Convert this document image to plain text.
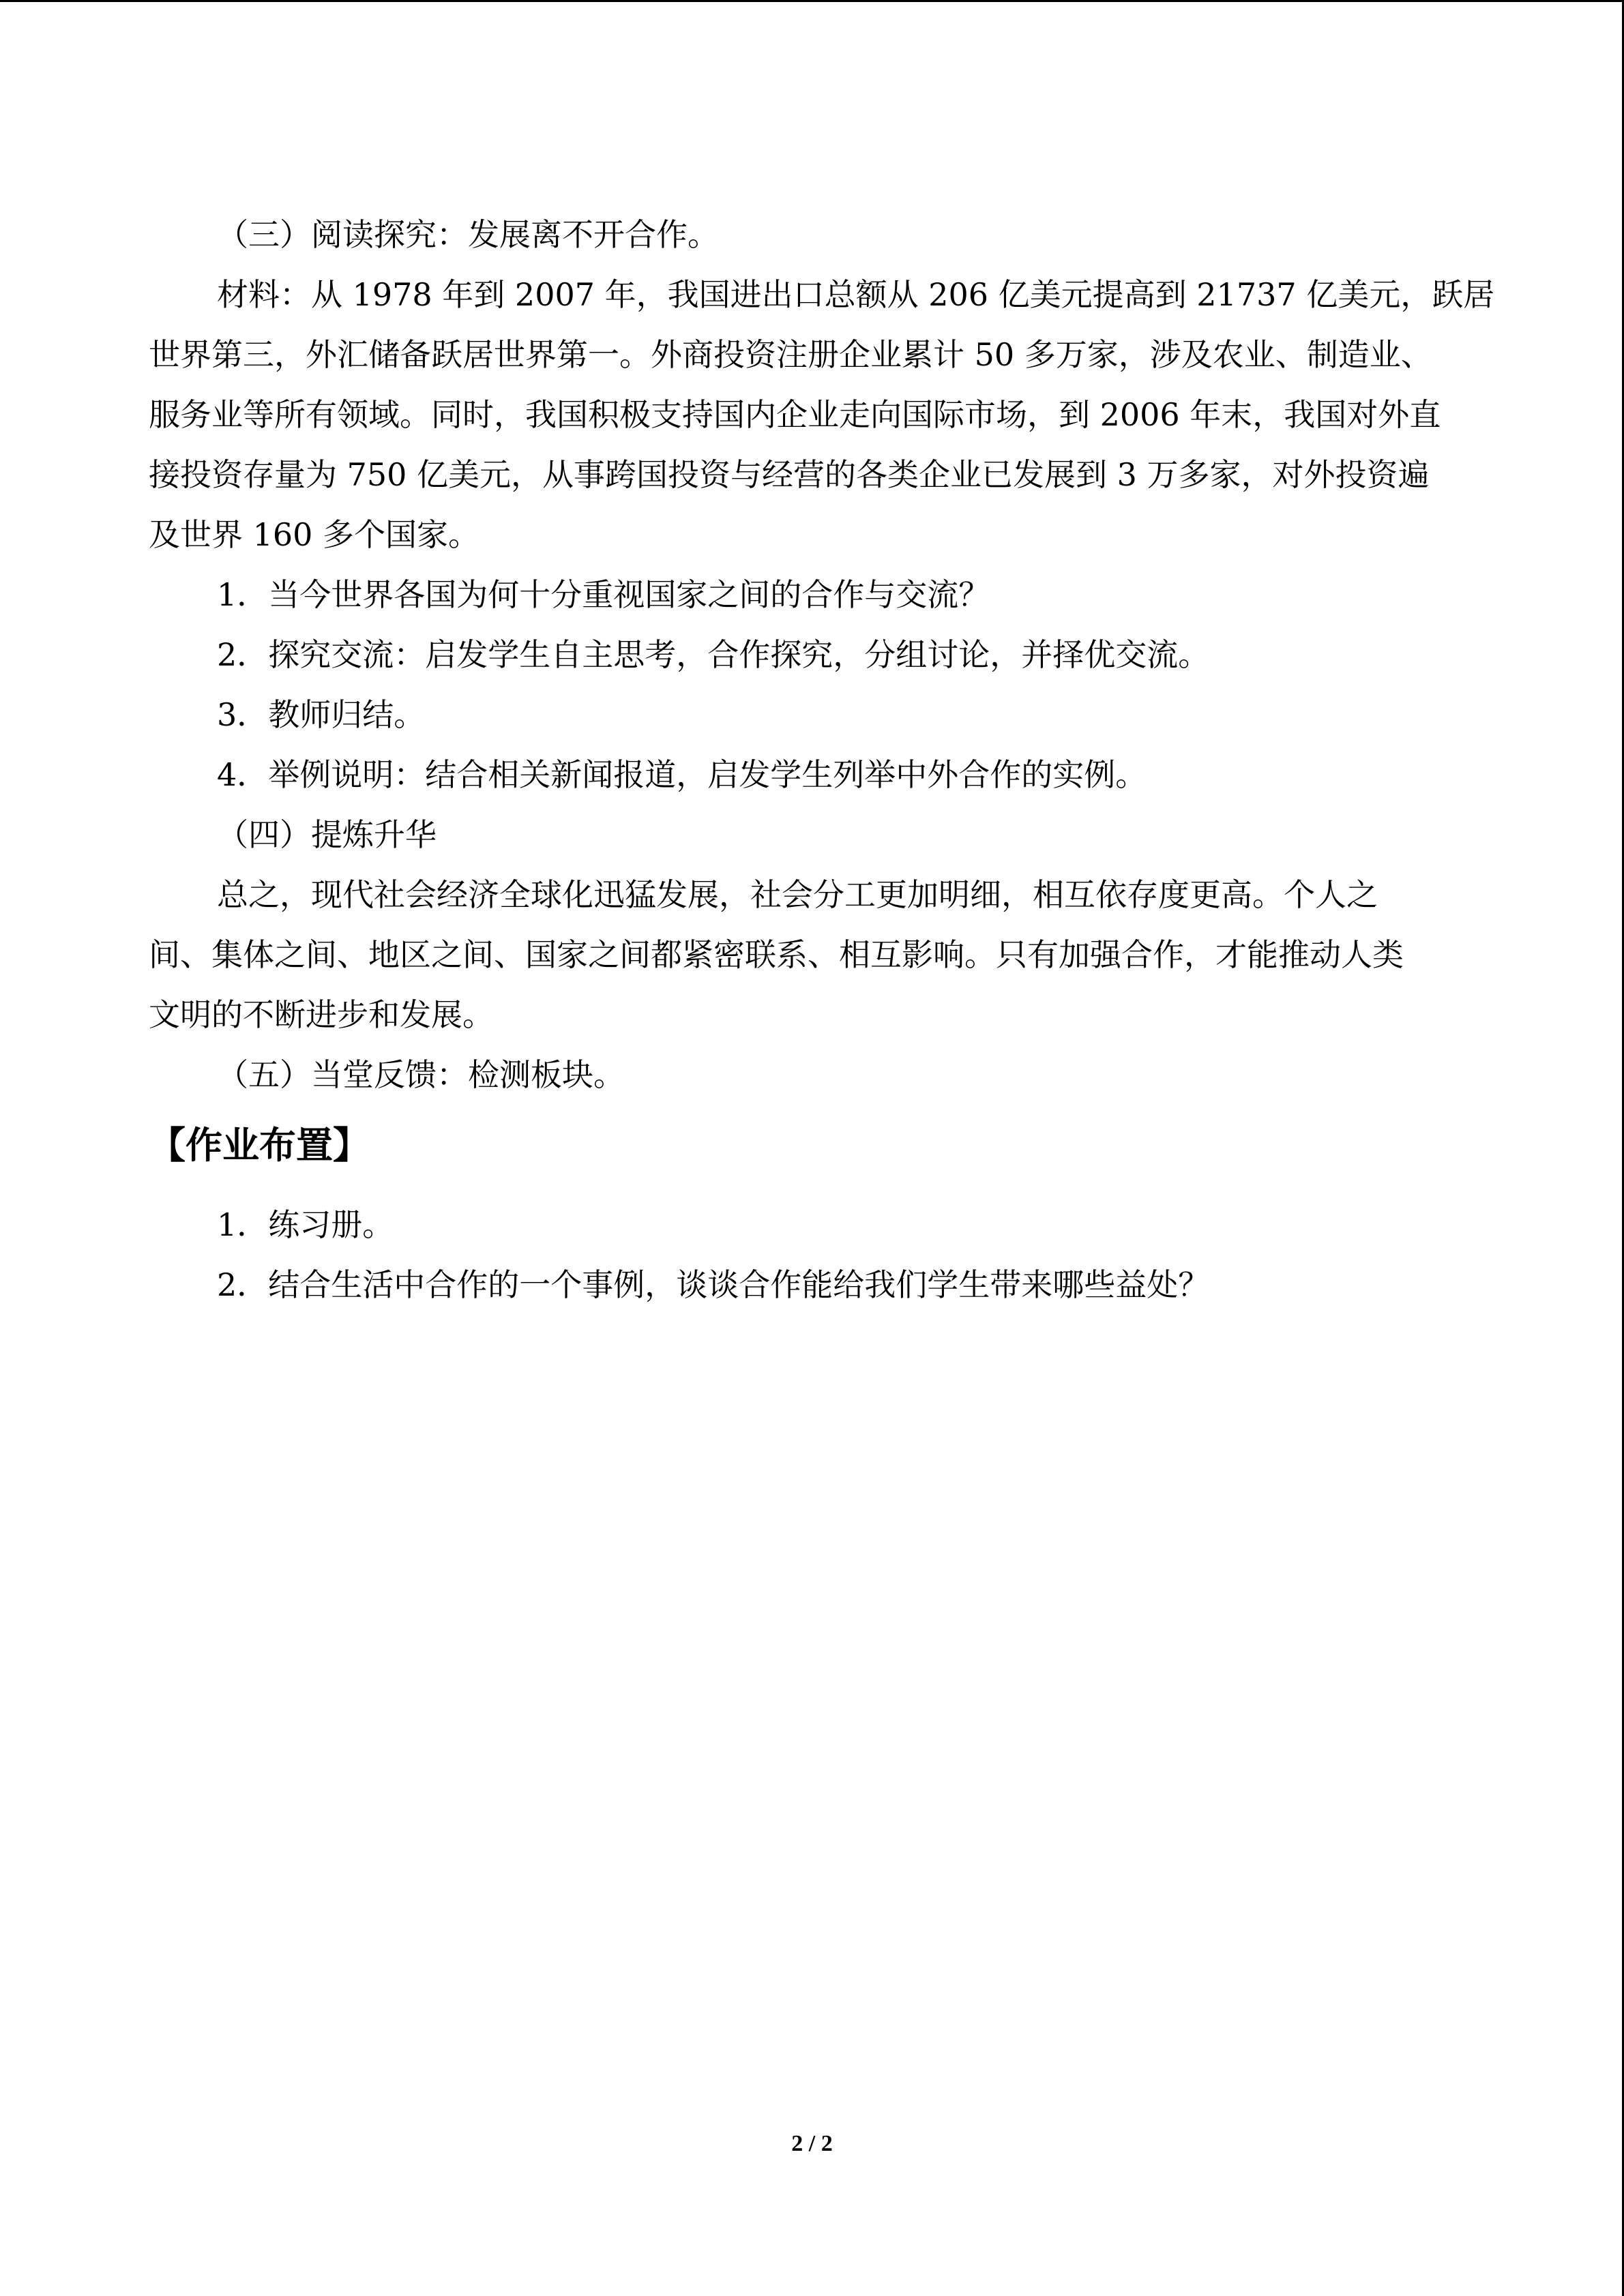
（三）阅读探究：发展离不开合作。

材料：从 1978 年到 2007 年，我国进出口总额从 206 亿美元提高到 21737 亿美元，跃居

世界第三，外汇储备跃居世界第一。外商投资注册企业累计 50 多万家，涉及农业、制造业、

服务业等所有领域。同时，我国积极支持国内企业走向国际市场，到 2006 年末，我国对外直

接投资存量为 750 亿美元，从事跨国投资与经营的各类企业已发展到 3 万多家，对外投资遍

及世界 160 多个国家。

1．当今世界各国为何十分重视国家之间的合作与交流？

2．探究交流：启发学生自主思考，合作探究，分组讨论，并择优交流。

3．教师归结。

4．举例说明：结合相关新闻报道，启发学生列举中外合作的实例。

（四）提炼升华

总之，现代社会经济全球化迅猛发展，社会分工更加明细，相互依存度更高。个人之

间、集体之间、地区之间、国家之间都紧密联系、相互影响。只有加强合作，才能推动人类

文明的不断进步和发展。

（五）当堂反馈：检测板块。

【作业布置】

1．练习册。

2．结合生活中合作的一个事例，谈谈合作能给我们学生带来哪些益处？

2 / 2
